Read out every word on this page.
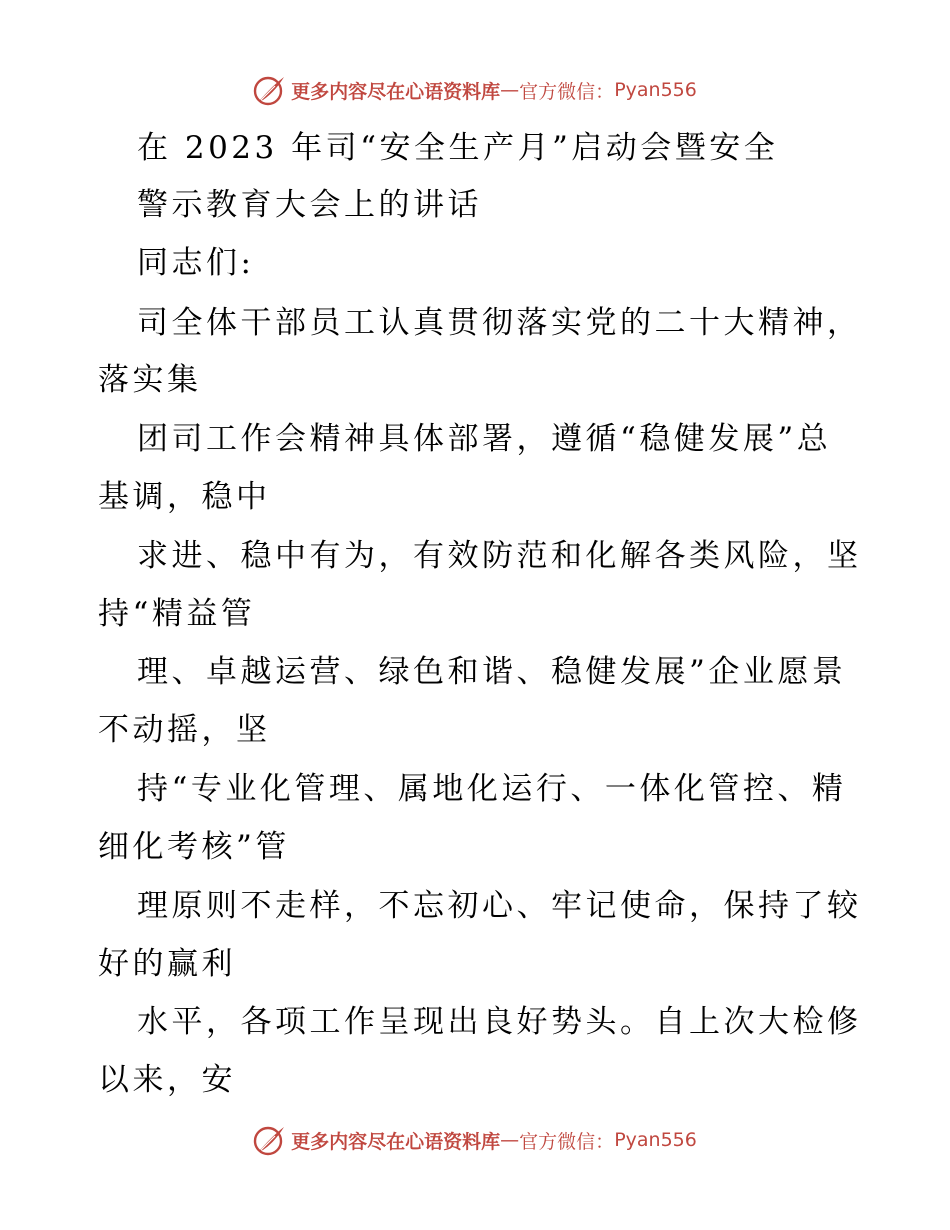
更多内容尽在心语资料库 — 官方微信： Pyan556
在 2023 年司“安全生产月”启动会暨安全
警示教育大会上的讲话
同志们:
司全体干部员工认真贯彻落实党的二十大精神，
落实集
团司工作会精神具体部署，遵循“稳健发展”总
基调，稳中
求进、稳中有为，有效防范和化解各类风险，坚
持“精益管
理、卓越运营、绿色和谐、稳健发展”企业愿景
不动摇，坚
持“专业化管理、属地化运行、一体化管控、精
细化考核”管
理原则不走样，不忘初心、牢记使命，保持了较
好的赢利
水平，各项工作呈现出良好势头。自上次大检修
以来，安
更多内容尽在心语资料库 — 官方微信： Pyan556
